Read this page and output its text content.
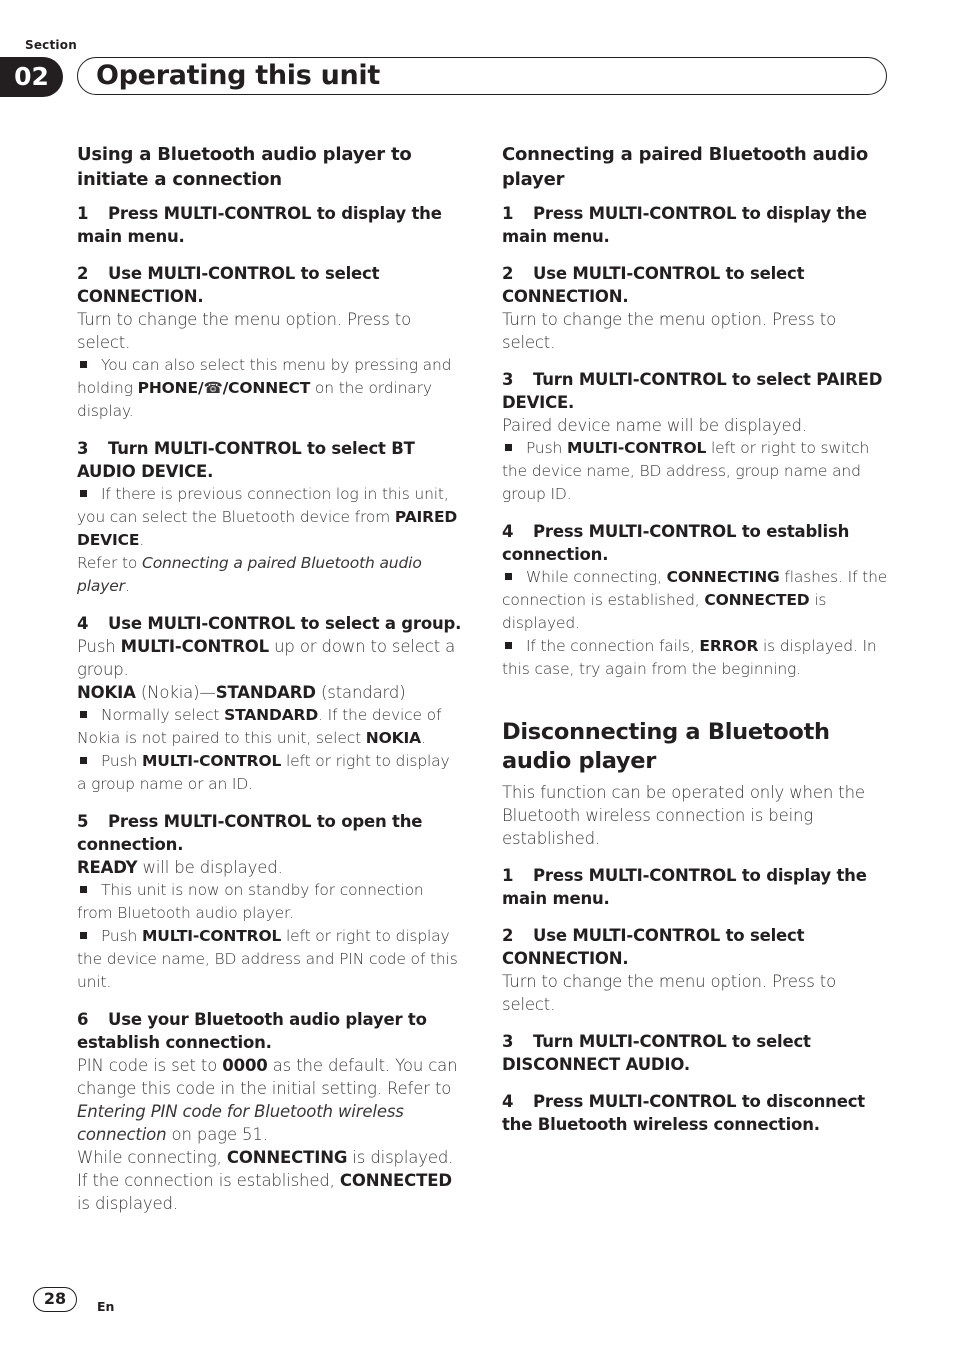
Section
02	Operating this unit
Using a Bluetooth audio player to initiate a connection
1 Press MULTI-CONTROL to display the main menu.
2 Use MULTI-CONTROL to select CONNECTION.

Turn to change the menu option. Press to select.

You can also select this menu by pressing and holding PHONE/☎/CONNECT on the ordinary display.

3 Turn MULTI-CONTROL to select BT AUDIO DEVICE.

If there is previous connection log in this unit, you can select the Bluetooth device from PAIRED DEVICE.

Refer to Connecting a paired Bluetooth audio player.

4 Use MULTI-CONTROL to select a group.

Push MULTI-CONTROL up or down to select a group.

NOKIA (Nokia)—STANDARD (standard)

Normally select STANDARD. If the device of Nokia is not paired to this unit, select NOKIA.

Push MULTI-CONTROL left or right to display a group name or an ID.

5 Press MULTI-CONTROL to open the connection.

READY will be displayed.

This unit is now on standby for connection from Bluetooth audio player.

Push MULTI-CONTROL left or right to display the device name, BD address and PIN code of this unit.

6 Use your Bluetooth audio player to establish connection.

PIN code is set to 0000 as the default. You can change this code in the initial setting. Refer to Entering PIN code for Bluetooth wireless connection on page 51.

While connecting, CONNECTING is displayed. If the connection is established, CONNECTED is displayed.

Connecting a paired Bluetooth audio player
1 Press MULTI-CONTROL to display the main menu.
2 Use MULTI-CONTROL to select CONNECTION.

Turn to change the menu option. Press to select.

3 Turn MULTI-CONTROL to select PAIRED DEVICE.

Paired device name will be displayed.

Push MULTI-CONTROL left or right to switch the device name, BD address, group name and group ID.

4 Press MULTI-CONTROL to establish connection.

While connecting, CONNECTING flashes. If the connection is established, CONNECTED is displayed.

If the connection fails, ERROR is displayed. In this case, try again from the beginning.

Disconnecting a Bluetooth audio player

This function can be operated only when the Bluetooth wireless connection is being established.

1 Press MULTI-CONTROL to display the main menu.
2 Use MULTI-CONTROL to select CONNECTION.

Turn to change the menu option. Press to select.

3 Turn MULTI-CONTROL to select DISCONNECT AUDIO.
4 Press MULTI-CONTROL to disconnect the Bluetooth wireless connection.
28	En
